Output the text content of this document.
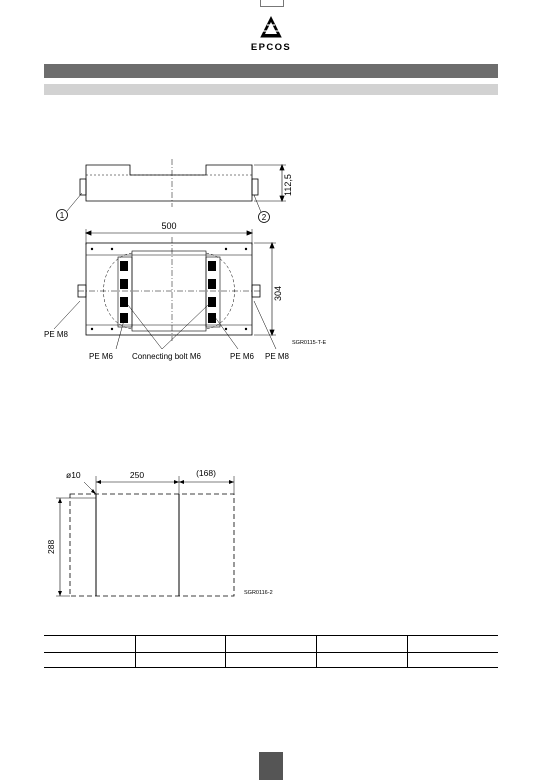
EPCOS
1	2
112,5
500
304
PE M8
PE M6 Connecting bolt M6	PE M6 PE M8
SGR0115-T-E
ø10	250	(168)
288
SGR0116-2
